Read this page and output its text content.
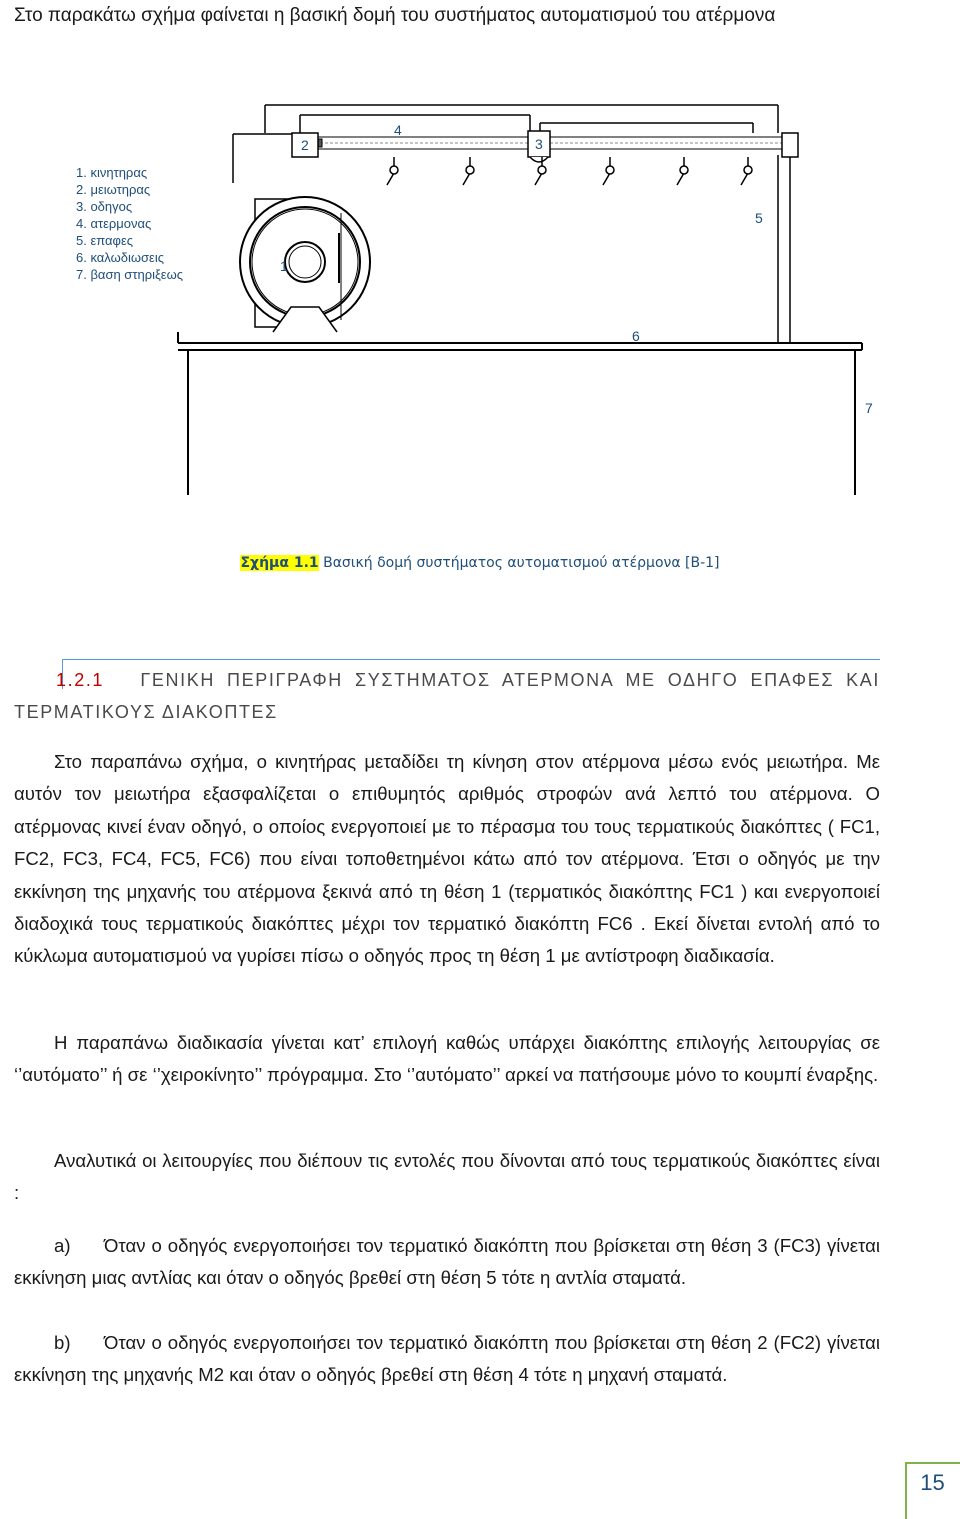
Στο παρακάτω σχήμα φαίνεται η βασική δομή του συστήματος αυτοματισμού του ατέρμονα
2	3
4
5
1
6
7
1. κινητηρας
2. μειωτηρας
3. οδηγος
4. ατερμονας
5. επαφες
6. καλωδιωσεις
7. βαση στηριξεως
Σχήμα 1.1 Βασική δομή συστήματος αυτοματισμού ατέρμονα [Β-1]
1.2.1 ΓΕΝΙΚΗ ΠΕΡΙΓΡΑΦΗ ΣΥΣΤΗΜΑΤΟΣ ΑΤΕΡΜΟΝΑ ΜΕ ΟΔΗΓΟ ΕΠΑΦΕΣ ΚΑΙ ΤΕΡΜΑΤΙΚΟΥΣ ΔΙΑΚΟΠΤΕΣ
Στο παραπάνω σχήμα, ο κινητήρας μεταδίδει τη κίνηση στον ατέρμονα μέσω ενός μειωτήρα. Με αυτόν τον μειωτήρα εξασφαλίζεται ο επιθυμητός αριθμός στροφών ανά λεπτό του ατέρμονα. Ο ατέρμονας κινεί έναν οδηγό, ο οποίος ενεργοποιεί με το πέρασμα του τους τερματικούς διακόπτες ( FC1, FC2, FC3, FC4, FC5, FC6) που είναι τοποθετημένοι κάτω από τον ατέρμονα. Έτσι ο οδηγός με την εκκίνηση της μηχανής του ατέρμονα ξεκινά από τη θέση 1 (τερματικός διακόπτης FC1 ) και ενεργοποιεί διαδοχικά τους τερματικούς διακόπτες μέχρι τον τερματικό διακόπτη FC6 . Εκεί δίνεται εντολή από το κύκλωμα αυτοματισμού να γυρίσει πίσω ο οδηγός προς τη θέση 1 με αντίστροφη διαδικασία.
Η παραπάνω διαδικασία γίνεται κατ’ επιλογή καθώς υπάρχει διακόπτης επιλογής λειτουργίας σε ‘’αυτόματο’’ ή σε ‘’χειροκίνητο’’ πρόγραμμα. Στο ‘’αυτόματο’’ αρκεί να πατήσουμε μόνο το κουμπί έναρξης.
Αναλυτικά οι λειτουργίες που διέπουν τις εντολές που δίνονται από τους τερματικούς διακόπτες είναι :
a) Όταν ο οδηγός ενεργοποιήσει τον τερματικό διακόπτη που βρίσκεται στη θέση 3 (FC3) γίνεται εκκίνηση μιας αντλίας και όταν ο οδηγός βρεθεί στη θέση 5 τότε η αντλία σταματά.
b) Όταν ο οδηγός ενεργοποιήσει τον τερματικό διακόπτη που βρίσκεται στη θέση 2 (FC2) γίνεται εκκίνηση της μηχανής M2 και όταν ο οδηγός βρεθεί στη θέση 4 τότε η μηχανή σταματά.
15
